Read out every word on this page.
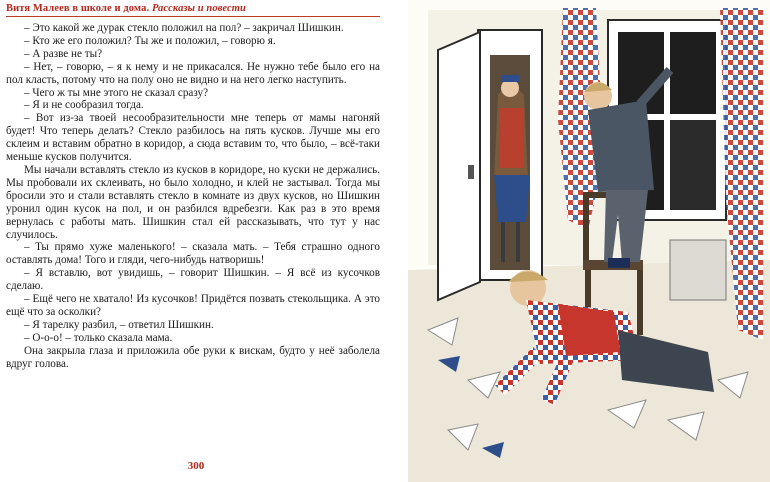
Витя Малеев в школе и дома. Рассказы и повести

– Это какой же дурак стекло положил на пол? – закричал Шишкин.

– Кто же его положил? Ты же и положил, – говорю я.

– А разве не ты?

– Нет, – говорю, – я к нему и не прикасался. Не нужно тебе было его на пол класть, потому что на полу оно не видно и на него легко наступить.

– Чего ж ты мне этого не сказал сразу?

– Я и не сообразил тогда.

– Вот из-за твоей несообразительности мне теперь от мамы нагоняй будет! Что теперь делать? Стекло разбилось на пять кусков. Лучше мы его склеим и вставим обратно в коридор, а сюда вставим то, что было, – всё-таки меньше кусков получится.

Мы начали вставлять стекло из кусков в коридоре, но куски не держались. Мы пробовали их склеивать, но было холодно, и клей не застывал. Тогда мы бросили это и стали вставлять стекло в комнате из двух кусков, но Шишкин уронил один кусок на пол, и он разбился вдребезги. Как раз в это время вернулась с работы мать. Шишкин стал ей рассказывать, что тут у нас случилось.

– Ты прямо хуже маленького! – сказала мать. – Тебя страшно одного оставлять дома! Того и гляди, чего-нибудь натворишь!

– Я вставлю, вот увидишь, – говорит Шишкин. – Я всё из кусочков сделаю.

– Ещё чего не хватало! Из кусочков! Придётся позвать стекольщика. А это ещё что за осколки?

– Я тарелку разбил, – ответил Шишкин.

– О-о-о! – только сказала мама.

Она закрыла глаза и приложила обе руки к вискам, будто у неё заболела вдруг голова.

300
